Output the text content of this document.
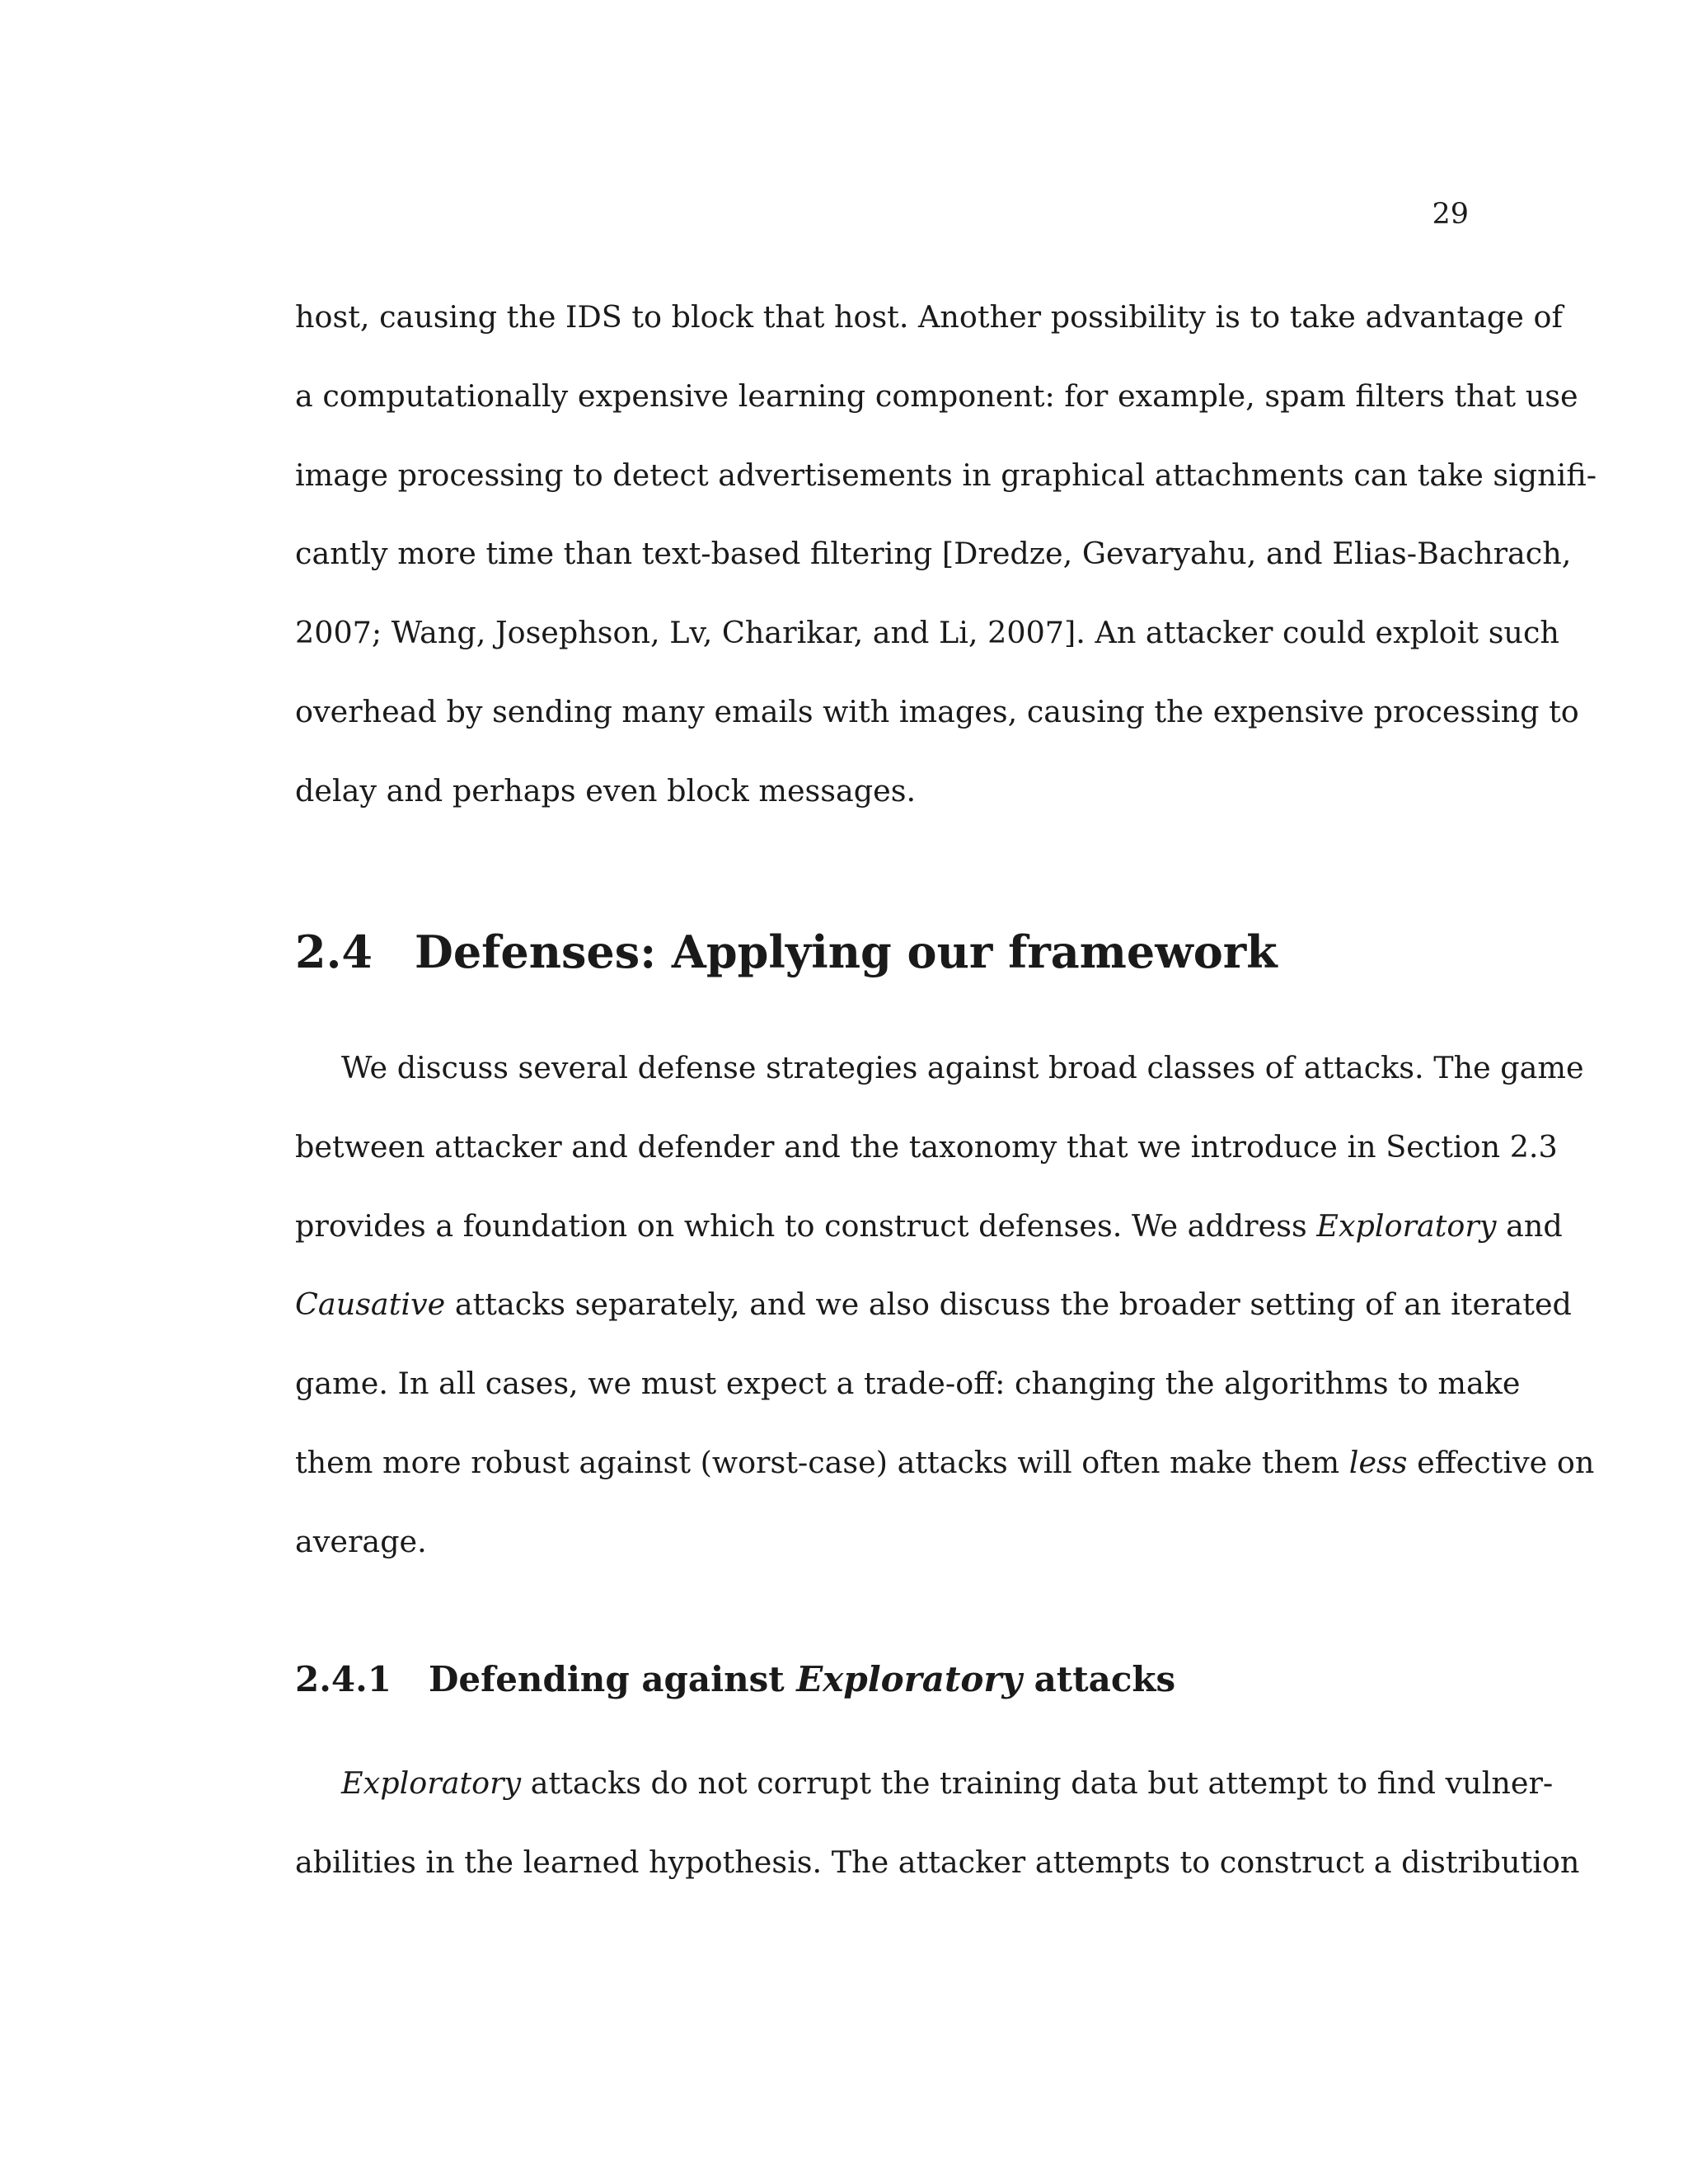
29
host, causing the IDS to block that host. Another possibility is to take advantage of
a computationally expensive learning component: for example, spam filters that use
image processing to detect advertisements in graphical attachments can take signifi-
cantly more time than text-based filtering [Dredze, Gevaryahu, and Elias-Bachrach,
2007; Wang, Josephson, Lv, Charikar, and Li, 2007]. An attacker could exploit such
overhead by sending many emails with images, causing the expensive processing to
delay and perhaps even block messages.
2.4 Defenses: Applying our framework
We discuss several defense strategies against broad classes of attacks. The game
between attacker and defender and the taxonomy that we introduce in Section 2.3
provides a foundation on which to construct defenses. We address Exploratory and
Causative attacks separately, and we also discuss the broader setting of an iterated
game. In all cases, we must expect a trade-off: changing the algorithms to make
them more robust against (worst-case) attacks will often make them less effective on
average.
2.4.1 Defending against Exploratory attacks
Exploratory attacks do not corrupt the training data but attempt to find vulner-
abilities in the learned hypothesis. The attacker attempts to construct a distribution
